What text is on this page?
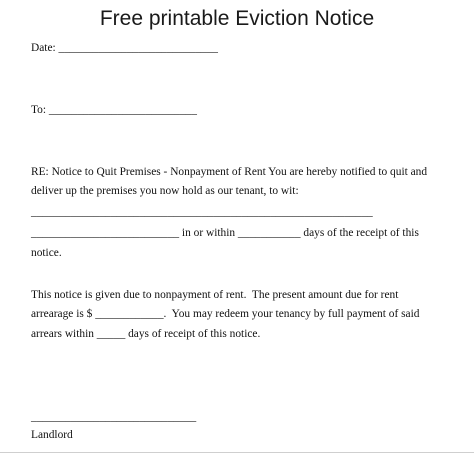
Free printable Eviction Notice
Date: ____________________________
To: __________________________
RE: Notice to Quit Premises - Nonpayment of Rent You are hereby notified to quit and
deliver up the premises you now hold as our tenant, to wit:
____________________________________________________________
__________________________ in or within ___________ days of the receipt of this
notice.
This notice is given due to nonpayment of rent.  The present amount due for rent
arrearage is $ ____________.  You may redeem your tenancy by full payment of said
arrears within _____ days of receipt of this notice.
_____________________________
Landlord
